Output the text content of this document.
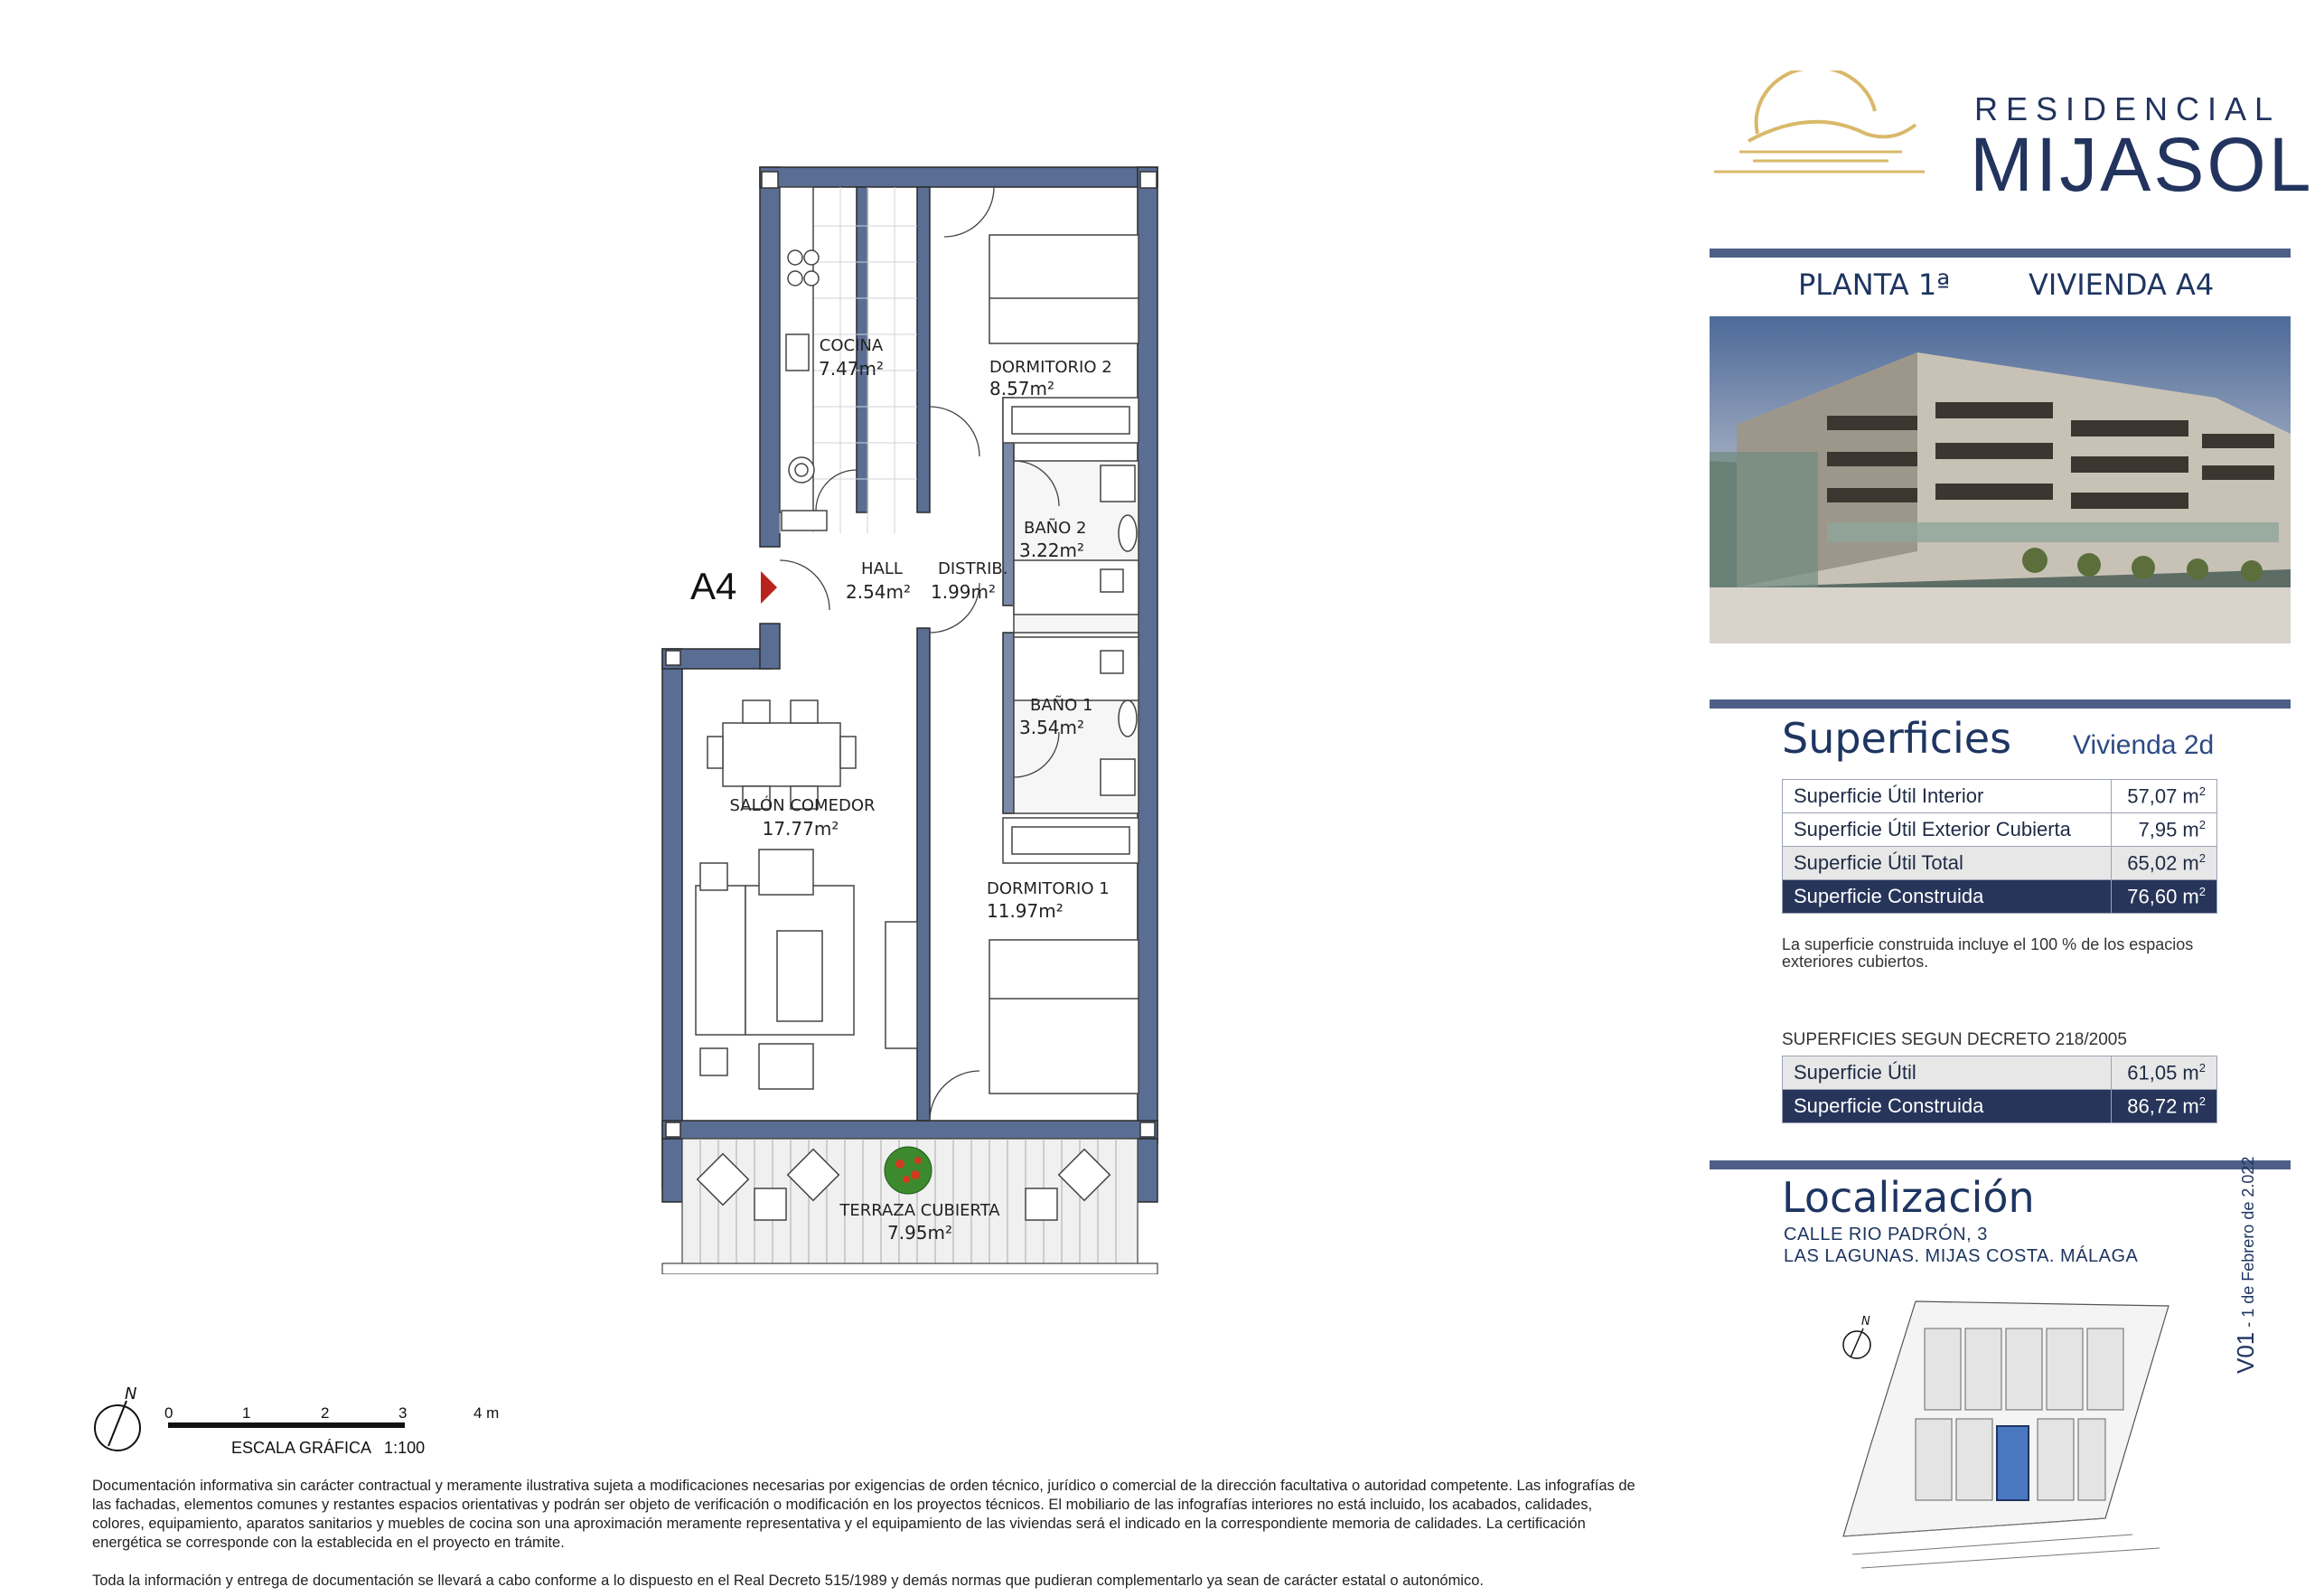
A4
COCINA
7.47m²	DORMITORIO 2
8.57m²
BAÑO 2
3.22m²
HALL
2.54m²
DISTRIB.
1.99m²
BAÑO 1
3.54m²
SALÓN COMEDOR
17.77m²
DORMITORIO 1
11.97m²
TERRAZA CUBIERTA
7.95m²
N
0	1	2	3	4 m
ESCALA GRÁFICA   1:100
Documentación informativa sin carácter contractual y meramente ilustrativa sujeta a modificaciones necesarias por exigencias de orden técnico, jurídico o comercial de la dirección facultativa o autoridad competente. Las infografías de las fachadas, elementos comunes y restantes espacios orientativas y podrán ser objeto de verificación o modificación en los proyectos técnicos. El mobiliario de las infografías interiores no está incluido, los acabados, calidades, colores, equipamiento, aparatos sanitarios y muebles de cocina son una aproximación meramente representativa y el equipamiento de las viviendas será el indicado en la correspondiente memoria de calidades. La certificación energética se corresponde con la establecida en el proyecto en trámite.
Toda la información y entrega de documentación se llevará a cabo conforme a lo dispuesto en el Real Decreto 515/1989 y demás normas que pudieran complementarlo ya sean de carácter estatal o autonómico.
RESIDENCIAL
MIJASOL
PLANTA 1ª	VIVIENDA A4
Superficies Vivienda 2d
Superficie Útil Interior	57,07 $m^2$
Superficie Útil Exterior Cubierta	7,95 $m^2$
Superficie Útil Total	65,02 $m^2$
Superficie Construida	76,60 $m^2$
La superficie construida incluye el 100 % de los espacios exteriores cubiertos.
SUPERFICIES SEGUN DECRETO 218/2005
Superficie Útil	61,05 $m^2$
Superficie Construida	86,72 $m^2$
Localización
CALLE RIO PADRÓN, 3
LAS LAGUNAS. MIJAS COSTA. MÁLAGA
N
V01 - 1 de Febrero de 2.022
